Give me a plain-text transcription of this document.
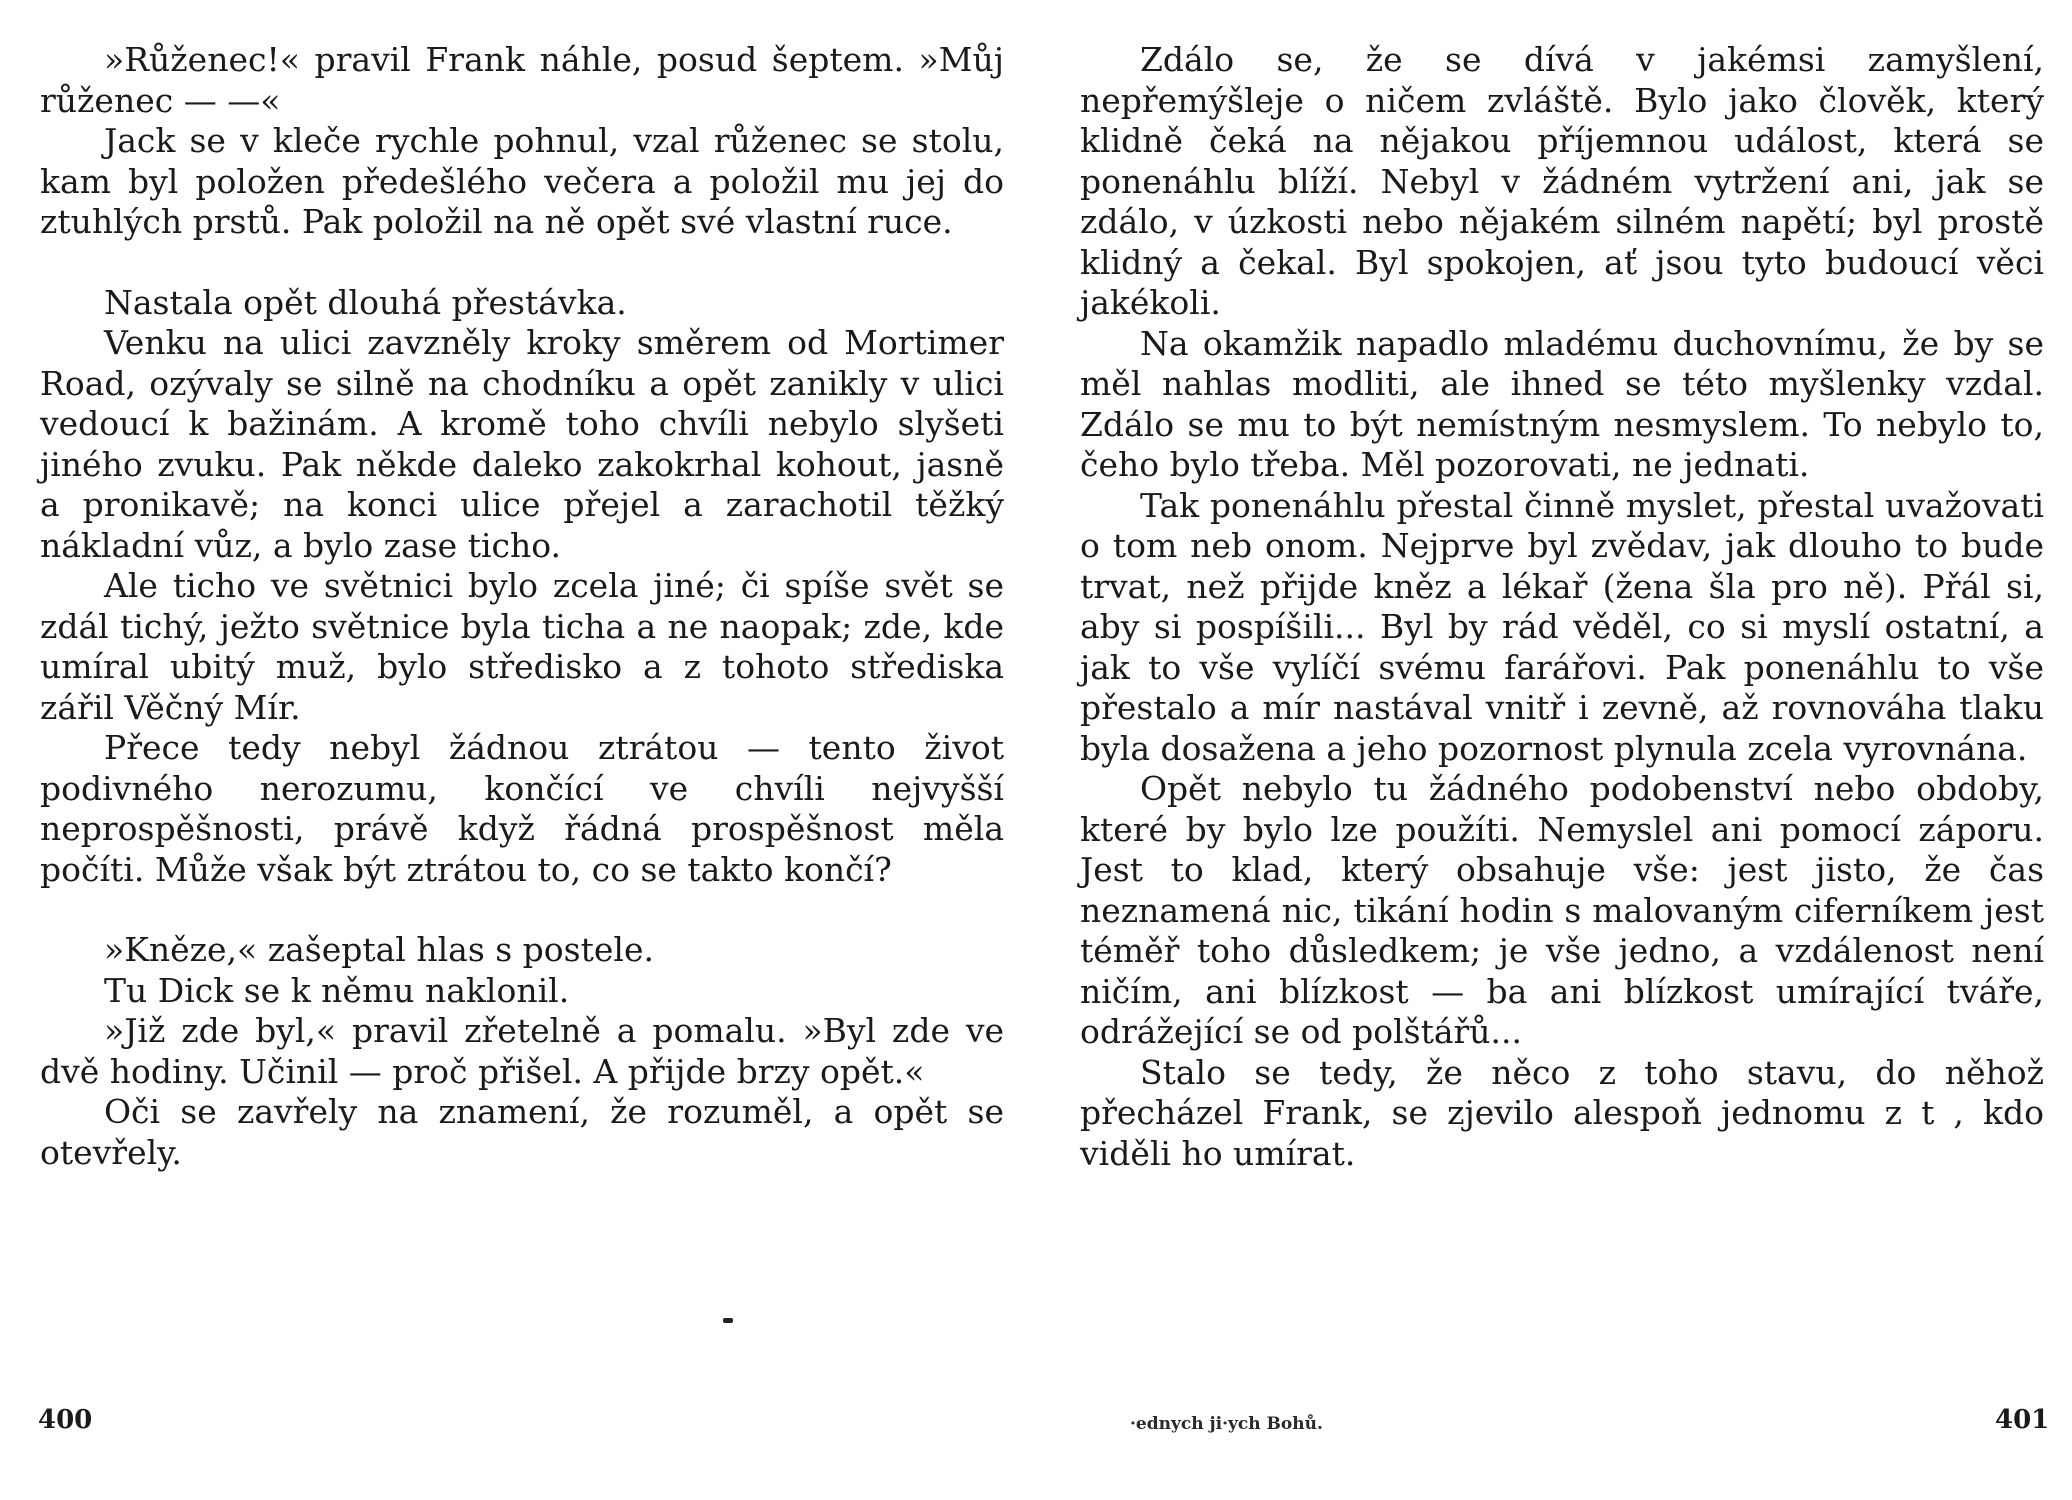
»Růženec!« pravil Frank náhle, posud šeptem. »Můj růženec — —«

Jack se v kleče rychle pohnul, vzal růženec se stolu, kam byl položen předešlého večera a položil mu jej do ztuhlých prstů. Pak položil na ně opět své vlastní ruce.

Nastala opět dlouhá přestávka.

Venku na ulici zavzněly kroky směrem od Mortimer Road, ozývaly se silně na chodníku a opět zanikly v ulici vedoucí k bažinám. A kromě toho chvíli nebylo slyšeti jiného zvuku. Pak někde daleko zakokrhal kohout, jasně a pronikavě; na konci ulice přejel a zarachotil těžký nákladní vůz, a bylo zase ticho.

Ale ticho ve světnici bylo zcela jiné; či spíše svět se zdál tichý, ježto světnice byla ticha a ne naopak; zde, kde umíral ubitý muž, bylo středisko a z tohoto střediska zářil Věčný Mír.

Přece tedy nebyl žádnou ztrátou — tento život podivného nerozumu, končící ve chvíli nejvyšší neprospěšnosti, právě když řádná prospěšnost měla počíti. Může však být ztrátou to, co se takto končí?

»Kněze,« zašeptal hlas s postele.

Tu Dick se k němu naklonil.

»Již zde byl,« pravil zřetelně a pomalu. »Byl zde ve dvě hodiny. Učinil — proč přišel. A přijde brzy opět.«

Oči se zavřely na znamení, že rozuměl, a opět se otevřely.

Zdálo se, že se dívá v jakémsi zamyšlení, nepřemýšleje o ničem zvláště. Bylo jako člověk, který klidně čeká na nějakou příjemnou událost, která se ponenáhlu blíží. Nebyl v žádném vytržení ani, jak se zdálo, v úzkosti nebo nějakém silném napětí; byl prostě klidný a čekal. Byl spokojen, ať jsou tyto budoucí věci jakékoli.

Na okamžik napadlo mladému duchovnímu, že by se měl nahlas modliti, ale ihned se této myšlenky vzdal. Zdálo se mu to být nemístným nesmyslem. To nebylo to, čeho bylo třeba. Měl pozorovati, ne jednati.

Tak ponenáhlu přestal činně myslet, přestal uvažovati o tom neb onom. Nejprve byl zvědav, jak dlouho to bude trvat, než přijde kněz a lékař (žena šla pro ně). Přál si, aby si pospíšili... Byl by rád věděl, co si myslí ostatní, a jak to vše vylíčí svému farářovi. Pak ponenáhlu to vše přestalo a mír nastával vnitř i zevně, až rovnováha tlaku byla dosažena a jeho pozornost plynula zcela vyrovnána.

Opět nebylo tu žádného podobenství nebo obdoby, které by bylo lze použíti. Nemyslel ani pomocí záporu. Jest to klad, který obsahuje vše: jest jisto, že čas neznamená nic, tikání hodin s malovaným ciferníkem jest téměř toho důsledkem; je vše jedno, a vzdálenost není ničím, ani blízkost — ba ani blízkost umírající tváře, odrážející se od polštářů...

Stalo se tedy, že něco z toho stavu, do něhož přecházel Frank, se zjevilo alespoň jednomu z t , kdo viděli ho umírat.

400	·ednych ji·ych Bohů.	401
